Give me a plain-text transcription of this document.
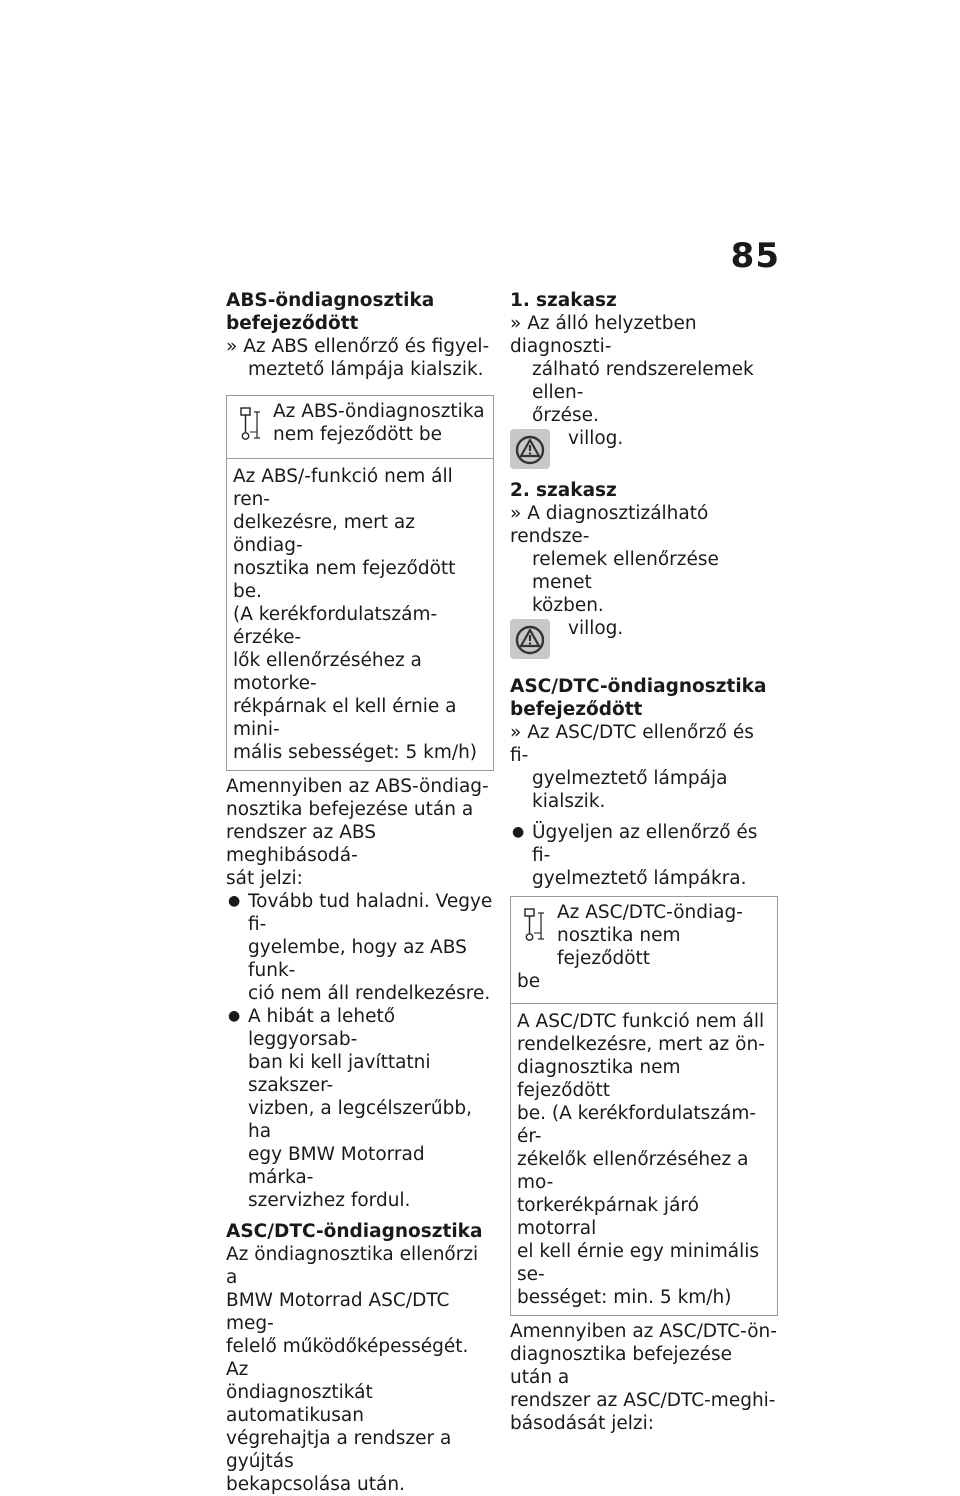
85
ABS-öndiagnosztika
befejeződött
» Az ABS ellenőrző és figyel-
meztető lámpája kialszik.
Az ABS-öndiagnosztika
nem fejeződött be
Az ABS/-funkció nem áll ren-
delkezésre, mert az öndiag-
nosztika nem fejeződött be.
(A kerékfordulatszám-érzéke-
lők ellenőrzéséhez a motorke-
rékpárnak el kell érnie a mini-
mális sebességet: 5 km/h)
Amennyiben az ABS-öndiag-
nosztika befejezése után a
rendszer az ABS meghibásodá-
sát jelzi:
● Tovább tud haladni. Vegye fi-
gyelembe, hogy az ABS funk-
ció nem áll rendelkezésre.
● A hibát a lehető leggyorsab-
ban ki kell javíttatni szakszer-
vizben, a legcélszerűbb, ha
egy BMW Motorrad márka-
szervizhez fordul.
ASC/DTC-öndiagnosztika
Az öndiagnosztika ellenőrzi a
BMW Motorrad ASC/DTC meg-
felelő működőképességét. Az
öndiagnosztikát automatikusan
végrehajtja a rendszer a gyújtás
bekapcsolása után.
1. szakasz
» Az álló helyzetben diagnoszti-
zálható rendszerelemek ellen-
őrzése.
villog.
2. szakasz
» A diagnosztizálható rendsze-
relemek ellenőrzése menet
közben.
villog.
ASC/DTC-öndiagnosztika
befejeződött
» Az ASC/DTC ellenőrző és fi-
gyelmeztető lámpája kialszik.
● Ügyeljen az ellenőrző és fi-
gyelmeztető lámpákra.
Az ASC/DTC-öndiag-
nosztika nem fejeződött
be
A ASC/DTC funkció nem áll
rendelkezésre, mert az ön-
diagnosztika nem fejeződött
be. (A kerékfordulatszám-ér-
zékelők ellenőrzéséhez a mo-
torkerékpárnak járó motorral
el kell érnie egy minimális se-
bességet: min. 5 km/h)
Amennyiben az ASC/DTC-ön-
diagnosztika befejezése után a
rendszer az ASC/DTC-meghi-
básodását jelzi:
